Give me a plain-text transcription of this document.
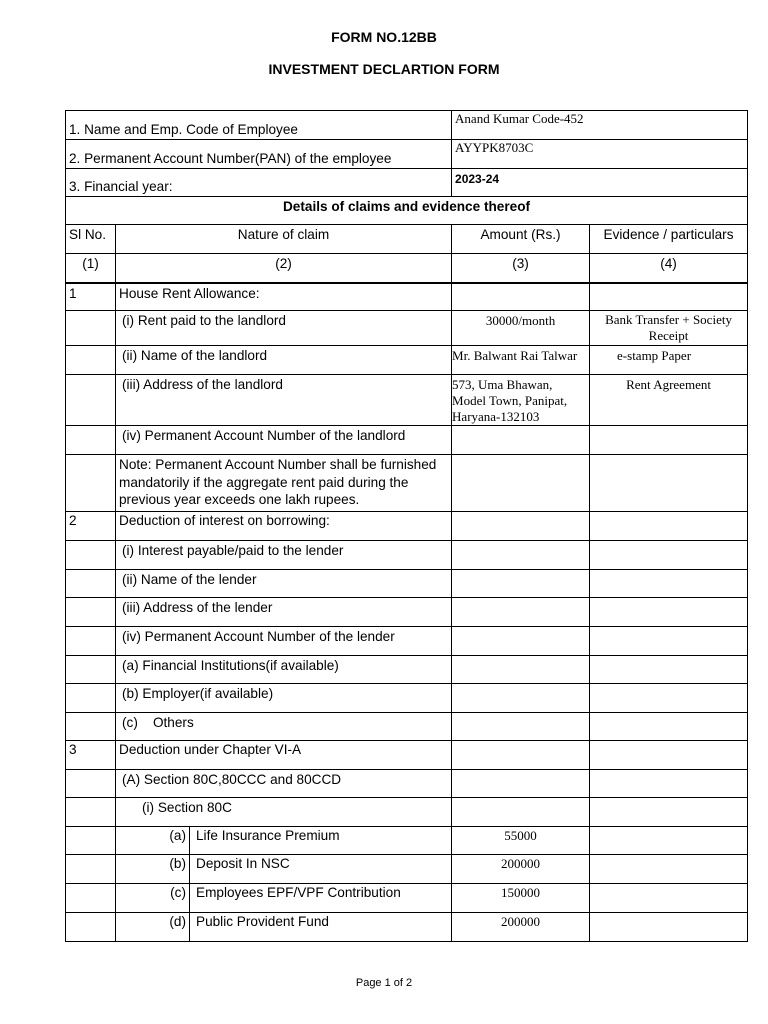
FORM NO.12BB
INVESTMENT DECLARTION FORM
1. Name and Emp. Code of Employee			Anand Kumar Code-452	
2. Permanent Account Number(PAN) of the employee			AYYPK8703C	
3. Financial year:			2023-24	
Details of claims and evidence thereof				
Sl No.	Nature of claim		Amount (Rs.)	Evidence / particulars
(1)	(2)		(3)	(4)
1	House Rent Allowance:			
	(i) Rent paid to the landlord		30000/month	Bank Transfer + Society Receipt
	(ii) Name of the landlord		Mr. Balwant Rai Talwar	e-stamp Paper
	(iii) Address of the landlord		573, Uma Bhawan, Model Town, Panipat, Haryana-132103	Rent Agreement
	(iv) Permanent Account Number of the landlord			
	Note: Permanent Account Number shall be furnished mandatorily if the aggregate rent paid during the previous year exceeds one lakh rupees.			
2	Deduction of interest on borrowing:			
	(i) Interest payable/paid to the lender			
	(ii) Name of the lender			
	(iii) Address of the lender			
	(iv) Permanent Account Number of the lender			
	(a) Financial Institutions(if available)			
	(b) Employer(if available)			
	(c)    Others			
3	Deduction under Chapter VI-A			
	(A) Section 80C,80CCC and 80CCD			
	(i) Section 80C			
	(a)	Life Insurance Premium	55000	
	(b)	Deposit In NSC	200000	
	(c)	Employees EPF/VPF Contribution	150000	
	(d)	Public Provident Fund	200000	
Page 1 of 2
